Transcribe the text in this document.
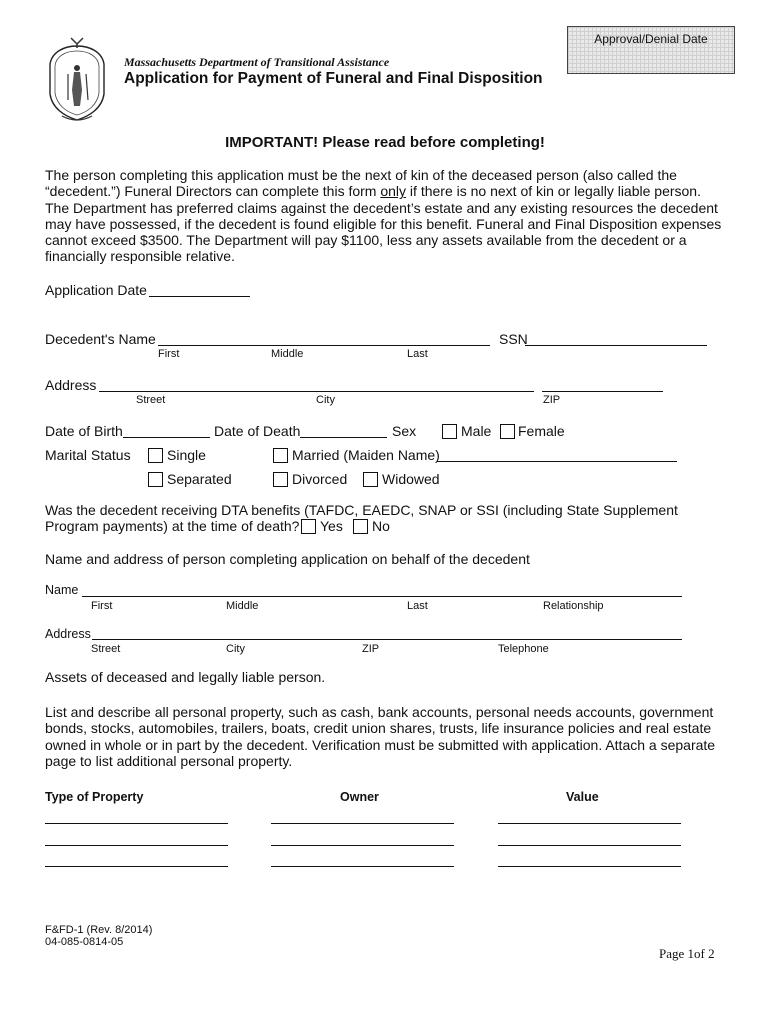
Massachusetts Department of Transitional Assistance
Application for Payment of Funeral and Final Disposition
Approval/Denial Date
IMPORTANT! Please read before completing!
The person completing this application must be the next of kin of the deceased person (also called the
“decedent.”) Funeral Directors can complete this form only if there is no next of kin or legally liable person.
The Department has preferred claims against the decedent’s estate and any existing resources the decedent
may have possessed, if the decedent is found eligible for this benefit. Funeral and Final Disposition expenses
cannot exceed $3500. The Department will pay $1100, less any assets available from the decedent or a
financially responsible relative.
Application Date
Decedent's Name	SSN
First	Middle	Last
Address
Street	City	ZIP
Date of Birth	Date of Death	Sex	Male Female
Marital Status	Single	Married (Maiden Name)
Separated	Divorced Widowed
Was the decedent receiving DTA benefits (TAFDC, EAEDC, SNAP or SSI (including State Supplement
Program payments) at the time of death? Yes No
Name and address of person completing application on behalf of the decedent
Name
First	Middle	Last	Relationship
Address
Street	City	ZIP	Telephone
Assets of deceased and legally liable person.
List and describe all personal property, such as cash, bank accounts, personal needs accounts, government
bonds, stocks, automobiles, trailers, boats, credit union shares, trusts, life insurance policies and real estate
owned in whole or in part by the decedent. Verification must be submitted with application. Attach a separate
page to list additional personal property.
Type of Property	Owner	Value
F&FD-1 (Rev. 8/2014)
04-085-0814-05
Page 1of 2
